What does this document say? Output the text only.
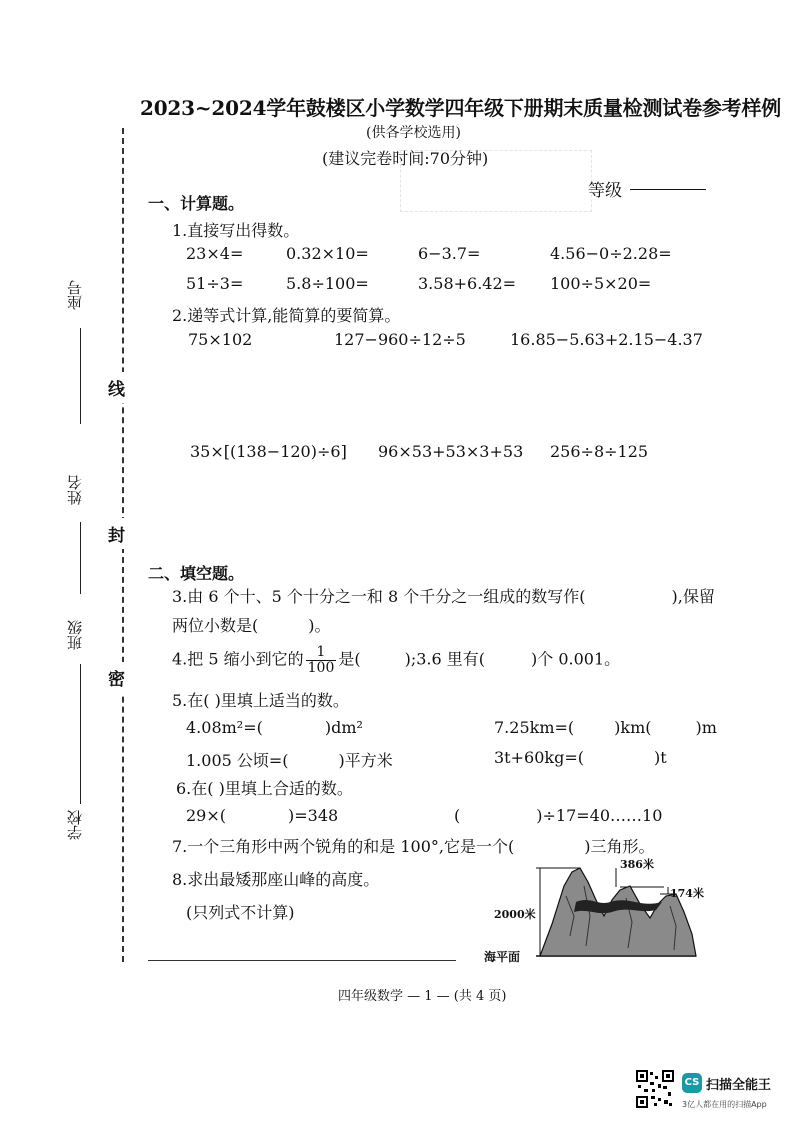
2023~2024学年鼓楼区小学数学四年级下册期末质量检测试卷参考样例
(供各学校选用)
(建议完卷时间:70分钟)
等级
线
封
密
座号
姓名
班级
学校
一、计算题。
1.直接写出得数。
23×4=	0.32×10=	6−3.7=	4.56−0÷2.28=
51÷3=	5.8÷100=	3.58+6.42= 100÷5×20=
2.递等式计算,能简算的要简算。
75×102	127−960÷12÷5	16.85−5.63+2.15−4.37
35×[(138−120)÷6] 96×53+53×3+53 256÷8÷125
二、填空题。
3.由 6 个十、5 个十分之一和 8 个千分之一组成的数写作(	),保留
两位小数是(	)。
4.把 5 缩小到它的 $\frac{1}{100}$ 是(	);3.6 里有(	)个 0.001。
5.在( )里填上适当的数。
4.08m²=(	)dm²	7.25km=(	)km(	)m
1.005 公顷=(	)平方米	3t+60kg=(	)t
6.在( )里填上合适的数。
29×(	)=348	(	)÷17=40……10
7.一个三角形中两个锐角的和是 100°,它是一个(	)三角形。
8.求出最矮那座山峰的高度。
(只列式不计算)
386米
174米
2000米
海平面
四年级数学 — 1 — (共 4 页)
CS 扫描全能王
3亿人都在用的扫描App
